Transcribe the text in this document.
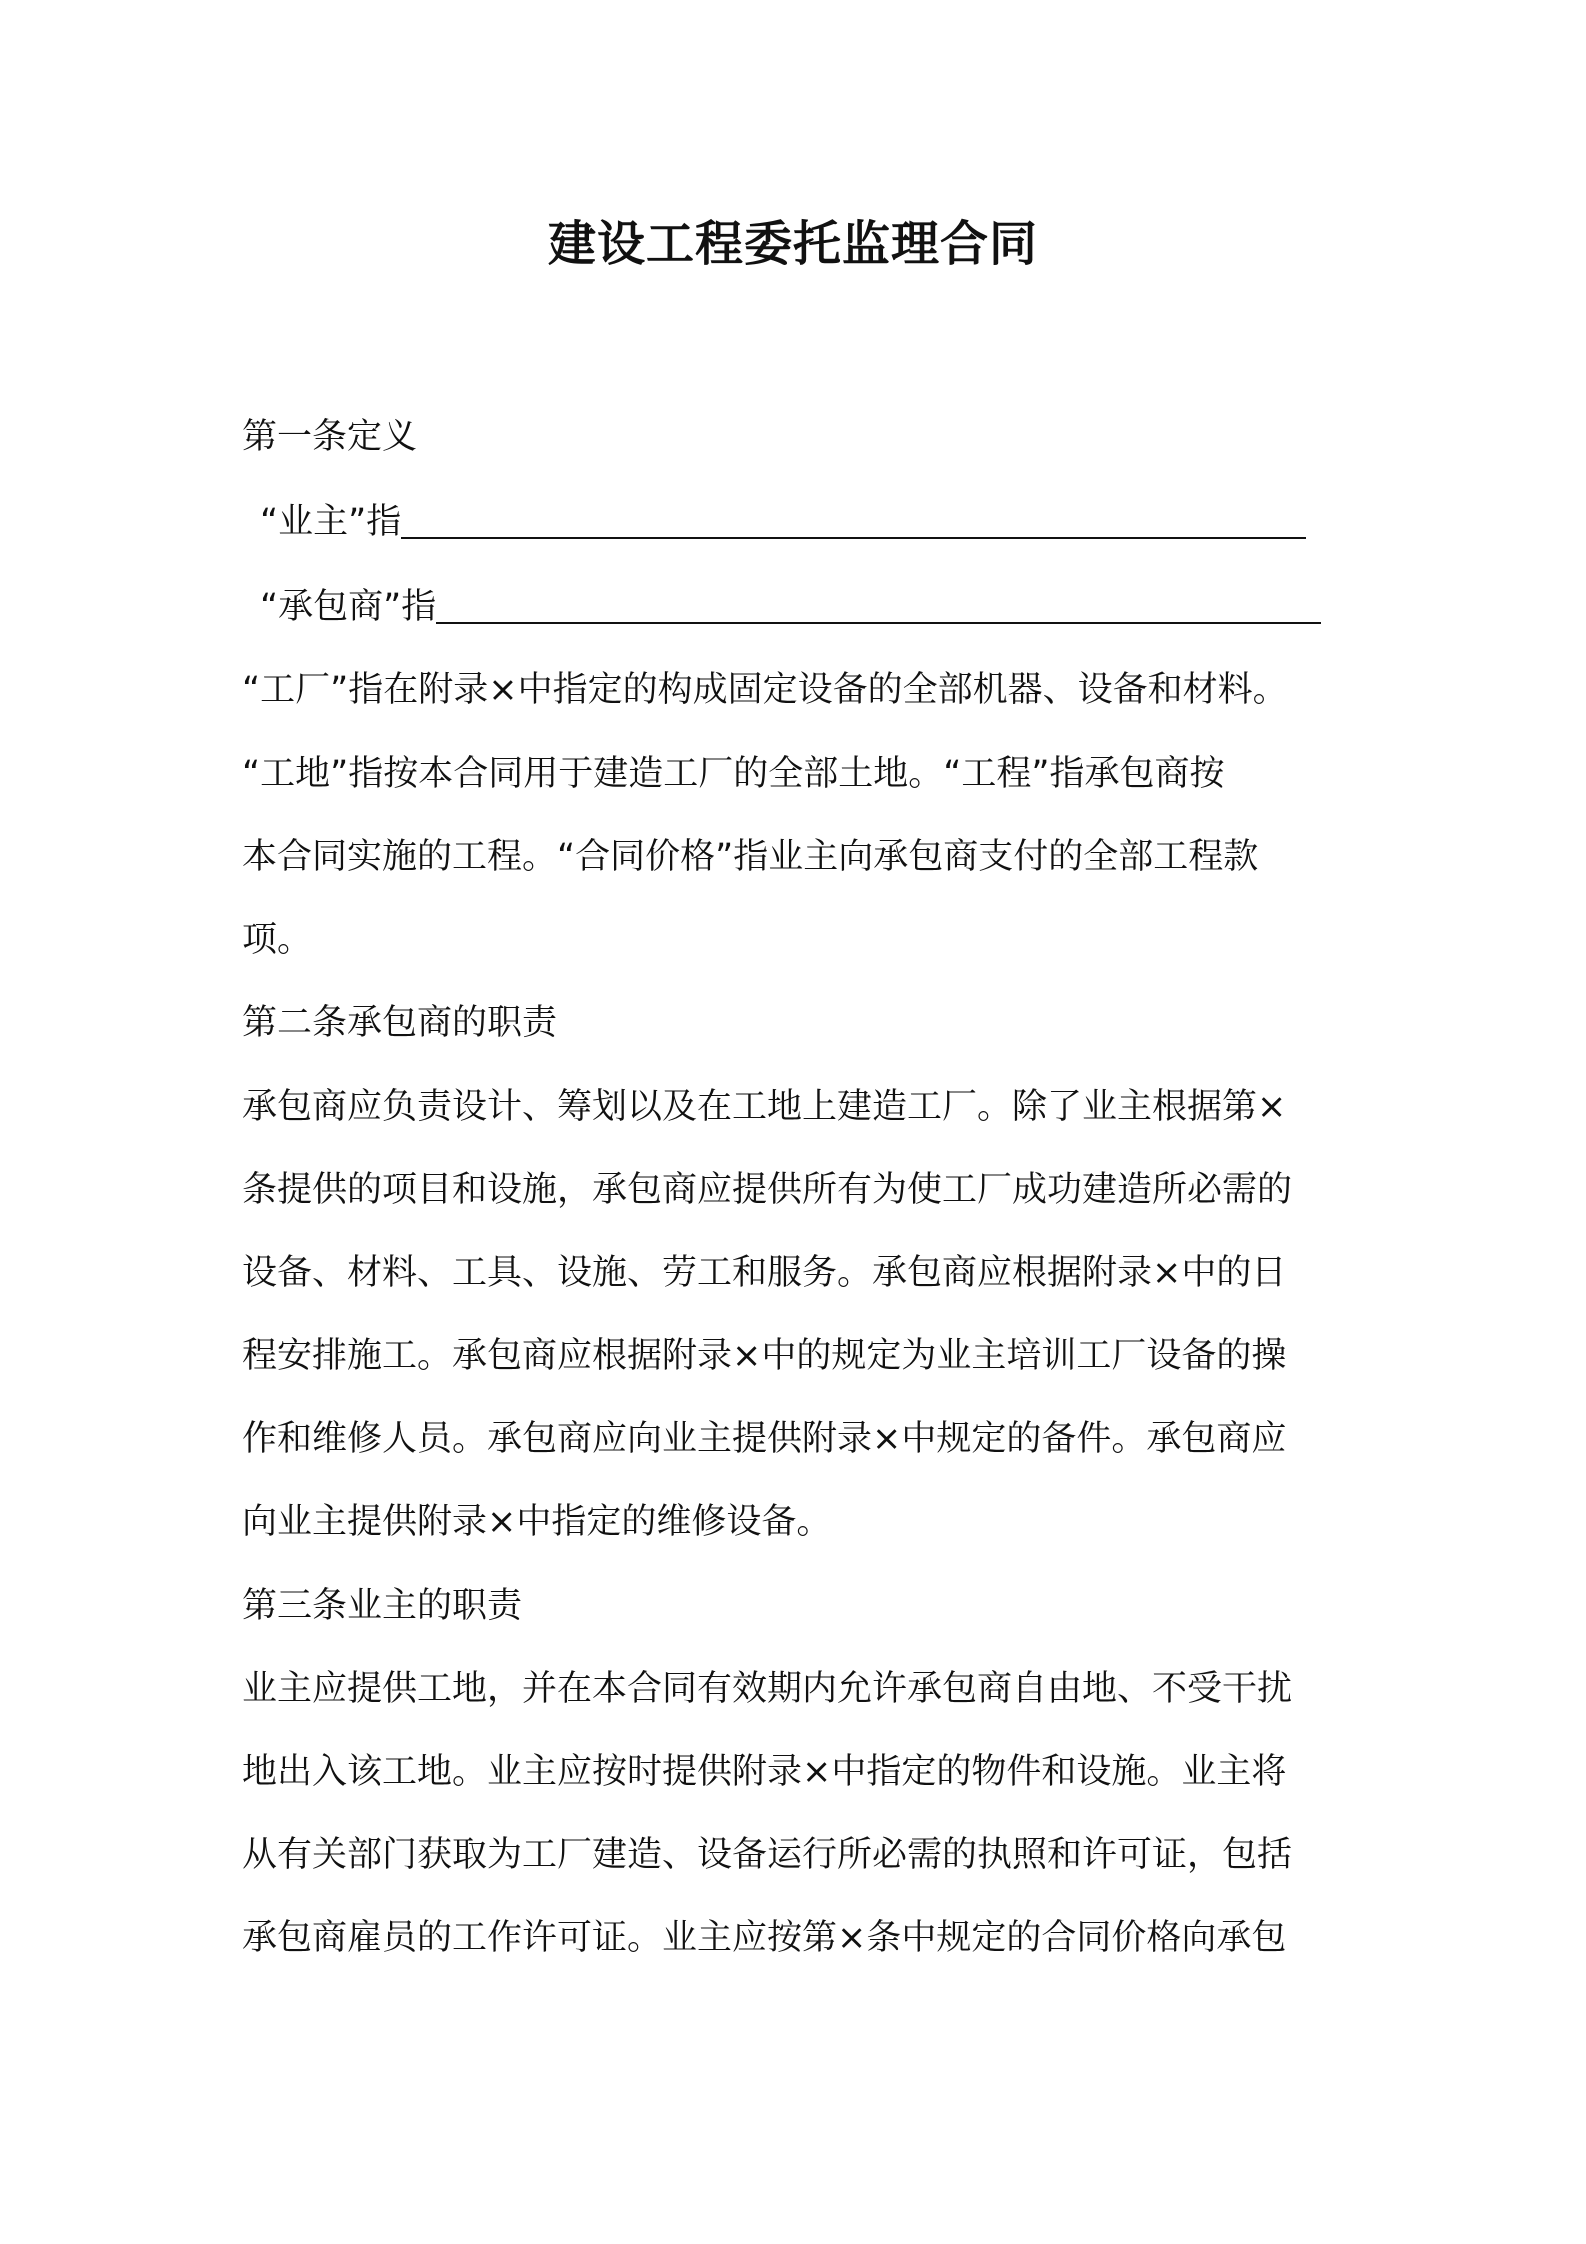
建设工程委托监理合同
第一条定义
“业主”指
“承包商”指
“工厂”指在附录×中指定的构成固定设备的全部机器、设备和材料。
“工地”指按本合同用于建造工厂的全部土地。“工程”指承包商按
本合同实施的工程。“合同价格”指业主向承包商支付的全部工程款
项。
第二条承包商的职责
承包商应负责设计、筹划以及在工地上建造工厂。除了业主根据第×
条提供的项目和设施，承包商应提供所有为使工厂成功建造所必需的
设备、材料、工具、设施、劳工和服务。承包商应根据附录×中的日
程安排施工。承包商应根据附录×中的规定为业主培训工厂设备的操
作和维修人员。承包商应向业主提供附录×中规定的备件。承包商应
向业主提供附录×中指定的维修设备。
第三条业主的职责
业主应提供工地，并在本合同有效期内允许承包商自由地、不受干扰
地出入该工地。业主应按时提供附录×中指定的物件和设施。业主将
从有关部门获取为工厂建造、设备运行所必需的执照和许可证，包括
承包商雇员的工作许可证。业主应按第×条中规定的合同价格向承包
